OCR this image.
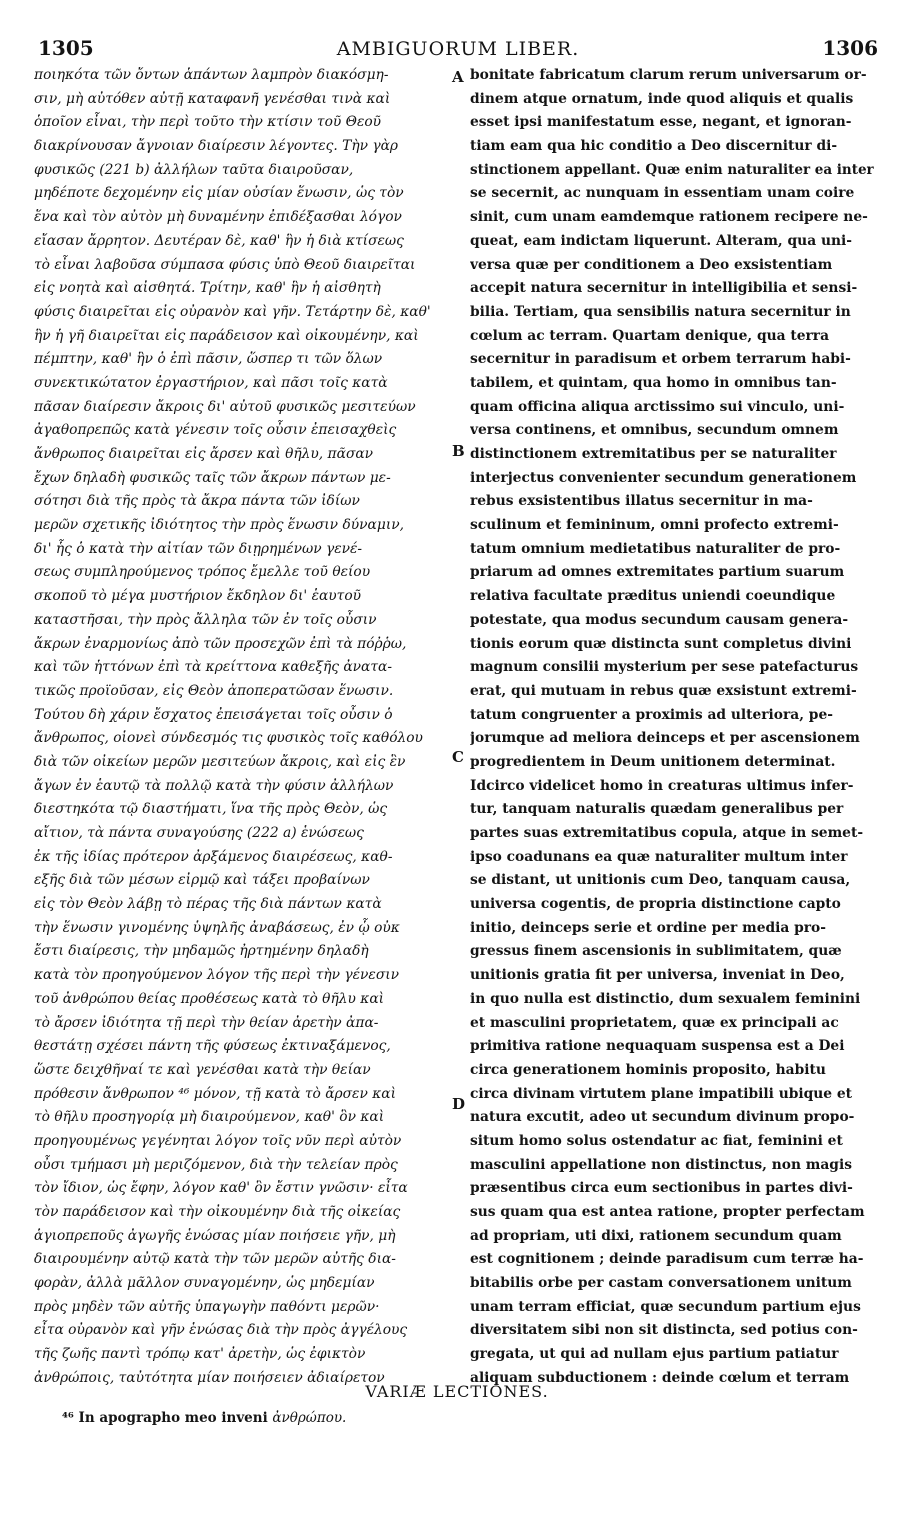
1305	AMBIGUORUM LIBER.	1306
ποιηκότα τῶν ὄντων ἁπάντων λαμπρὸν διακόσμη-
σιν, μὴ αὐτόθεν αὐτῇ καταφανῆ γενέσθαι τινὰ καὶ
ὁποῖον εἶναι, τὴν περὶ τοῦτο τὴν κτίσιν τοῦ Θεοῦ
διακρίνουσαν ἄγνοιαν διαίρεσιν λέγοντες. Τὴν γὰρ
φυσικῶς (221 b) ἀλλήλων ταῦτα διαιροῦσαν,
μηδέποτε δεχομένην εἰς μίαν οὐσίαν ἕνωσιν, ὡς τὸν
ἕνα καὶ τὸν αὐτὸν μὴ δυναμένην ἐπιδέξασθαι λόγον
εἴασαν ἄρρητον. Δευτέραν δὲ, καθ' ἣν ἡ διὰ κτίσεως
τὸ εἶναι λαβοῦσα σύμπασα φύσις ὑπὸ Θεοῦ διαιρεῖται
εἰς νοητὰ καὶ αἰσθητά. Τρίτην, καθ' ἣν ἡ αἰσθητὴ
φύσις διαιρεῖται εἰς οὐρανὸν καὶ γῆν. Τετάρτην δὲ, καθ'
ἣν ἡ γῆ διαιρεῖται εἰς παράδεισον καὶ οἰκουμένην, καὶ
πέμπτην, καθ' ἣν ὁ ἐπὶ πᾶσιν, ὥσπερ τι τῶν ὅλων
συνεκτικώτατον ἐργαστήριον, καὶ πᾶσι τοῖς κατὰ
πᾶσαν διαίρεσιν ἄκροις δι' αὐτοῦ φυσικῶς μεσιτεύων
ἀγαθοπρεπῶς κατὰ γένεσιν τοῖς οὖσιν ἐπεισαχθεὶς
ἄνθρωπος διαιρεῖται εἰς ἄρσεν καὶ θῆλυ, πᾶσαν
ἔχων δηλαδὴ φυσικῶς ταῖς τῶν ἄκρων πάντων με-
σότησι διὰ τῆς πρὸς τὰ ἄκρα πάντα τῶν ἰδίων
μερῶν σχετικῆς ἰδιότητος τὴν πρὸς ἕνωσιν δύναμιν,
δι' ἧς ὁ κατὰ τὴν αἰτίαν τῶν διῃρημένων γενέ-
σεως συμπληρούμενος τρόπος ἔμελλε τοῦ θείου
σκοποῦ τὸ μέγα μυστήριον ἔκδηλον δι' ἑαυτοῦ
καταστῆσαι, τὴν πρὸς ἄλληλα τῶν ἐν τοῖς οὖσιν
ἄκρων ἐναρμονίως ἀπὸ τῶν προσεχῶν ἐπὶ τὰ πόῤῥω,
καὶ τῶν ἡττόνων ἐπὶ τὰ κρείττονα καθεξῆς ἀνατα-
τικῶς προϊοῦσαν, εἰς Θεὸν ἀποπερατῶσαν ἕνωσιν.
Τούτου δὴ χάριν ἔσχατος ἐπεισάγεται τοῖς οὖσιν ὁ
ἄνθρωπος, οἱονεὶ σύνδεσμός τις φυσικὸς τοῖς καθόλου
διὰ τῶν οἰκείων μερῶν μεσιτεύων ἄκροις, καὶ εἰς ἓν
ἄγων ἐν ἑαυτῷ τὰ πολλῷ κατὰ τὴν φύσιν ἀλλήλων
διεστηκότα τῷ διαστήματι, ἵνα τῆς πρὸς Θεὸν, ὡς
αἴτιον, τὰ πάντα συναγούσης (222 a) ἑνώσεως
ἐκ τῆς ἰδίας πρότερον ἀρξάμενος διαιρέσεως, καθ-
εξῆς διὰ τῶν μέσων εἰρμῷ καὶ τάξει προβαίνων
εἰς τὸν Θεὸν λάβῃ τὸ πέρας τῆς διὰ πάντων κατὰ
τὴν ἕνωσιν γινομένης ὑψηλῆς ἀναβάσεως, ἐν ᾧ οὐκ
ἔστι διαίρεσις, τὴν μηδαμῶς ἠρτημένην δηλαδὴ
κατὰ τὸν προηγούμενον λόγον τῆς περὶ τὴν γένεσιν
τοῦ ἀνθρώπου θείας προθέσεως κατὰ τὸ θῆλυ καὶ
τὸ ἄρσεν ἰδιότητα τῇ περὶ τὴν θείαν ἀρετὴν ἀπα-
θεστάτῃ σχέσει πάντη τῆς φύσεως ἐκτιναξάμενος,
ὥστε δειχθῆναί τε καὶ γενέσθαι κατὰ τὴν θείαν
πρόθεσιν ἄνθρωπον ⁴⁶ μόνον, τῇ κατὰ τὸ ἄρσεν καὶ
τὸ θῆλυ προσηγορίᾳ μὴ διαιρούμενον, καθ' ὃν καὶ
προηγουμένως γεγένηται λόγον τοῖς νῦν περὶ αὐτὸν
οὖσι τμήμασι μὴ μεριζόμενον, διὰ τὴν τελείαν πρὸς
τὸν ἴδιον, ὡς ἔφην, λόγον καθ' ὃν ἔστιν γνῶσιν· εἶτα
τὸν παράδεισον καὶ τὴν οἰκουμένην διὰ τῆς οἰκείας
ἁγιοπρεποῦς ἀγωγῆς ἑνώσας μίαν ποιήσειε γῆν, μὴ
διαιρουμένην αὐτῷ κατὰ τὴν τῶν μερῶν αὐτῆς δια-
φορὰν, ἀλλὰ μᾶλλον συναγομένην, ὡς μηδεμίαν
πρὸς μηδὲν τῶν αὐτῆς ὑπαγωγὴν παθόντι μερῶν·
εἶτα οὐρανὸν καὶ γῆν ἑνώσας διὰ τὴν πρὸς ἀγγέλους
τῆς ζωῆς παντὶ τρόπῳ κατ' ἀρετὴν, ὡς ἐφικτὸν
ἀνθρώποις, ταὐτότητα μίαν ποιήσειεν ἀδιαίρετον
bonitate fabricatum clarum rerum universarum or-
dinem atque ornatum, inde quod aliquis et qualis
esset ipsi manifestatum esse, negant, et ignoran-
tiam eam qua hic conditio a Deo discernitur di-
stinctionem appellant. Quæ enim naturaliter ea inter
se secernit, ac nunquam in essentiam unam coire
sinit, cum unam eamdemque rationem recipere ne-
queat, eam indictam liquerunt. Alteram, qua uni-
versa quæ per conditionem a Deo exsistentiam
accepit natura secernitur in intelligibilia et sensi-
bilia. Tertiam, qua sensibilis natura secernitur in
cœlum ac terram. Quartam denique, qua terra
secernitur in paradisum et orbem terrarum habi-
tabilem, et quintam, qua homo in omnibus tan-
quam officina aliqua arctissimo sui vinculo, uni-
versa continens, et omnibus, secundum omnem
distinctionem extremitatibus per se naturaliter
interjectus convenienter secundum generationem
rebus exsistentibus illatus secernitur in ma-
sculinum et femininum, omni profecto extremi-
tatum omnium medietatibus naturaliter de pro-
priarum ad omnes extremitates partium suarum
relativa facultate præditus uniendi coeundique
potestate, qua modus secundum causam genera-
tionis eorum quæ distincta sunt completus divini
magnum consilii mysterium per sese patefacturus
erat, qui mutuam in rebus quæ exsistunt extremi-
tatum congruenter a proximis ad ulteriora, pe-
jorumque ad meliora deinceps et per ascensionem
progredientem in Deum unitionem determinat.
Idcirco videlicet homo in creaturas ultimus infer-
tur, tanquam naturalis quædam generalibus per
partes suas extremitatibus copula, atque in semet-
ipso coadunans ea quæ naturaliter multum inter
se distant, ut unitionis cum Deo, tanquam causa,
universa cogentis, de propria distinctione capto
initio, deinceps serie et ordine per media pro-
gressus finem ascensionis in sublimitatem, quæ
unitionis gratia fit per universa, inveniat in Deo,
in quo nulla est distinctio, dum sexualem feminini
et masculini proprietatem, quæ ex principali ac
primitiva ratione nequaquam suspensa est a Dei
circa generationem hominis proposito, habitu
circa divinam virtutem plane impatibili ubique et
natura excutit, adeo ut secundum divinum propo-
situm homo solus ostendatur ac fiat, feminini et
masculini appellatione non distinctus, non magis
præsentibus circa eum sectionibus in partes divi-
sus quam qua est antea ratione, propter perfectam
ad propriam, uti dixi, rationem secundum quam
est cognitionem ; deinde paradisum cum terræ ha-
bitabilis orbe per castam conversationem unitum
unam terram efficiat, quæ secundum partium ejus
diversitatem sibi non sit distincta, sed potius con-
gregata, ut qui ad nullam ejus partium patiatur
aliquam subductionem : deinde cœlum et terram
A
B
C
D
VARIÆ LECTIONES.
⁴⁶ In apographo meo inveni ἀνθρώπου.
